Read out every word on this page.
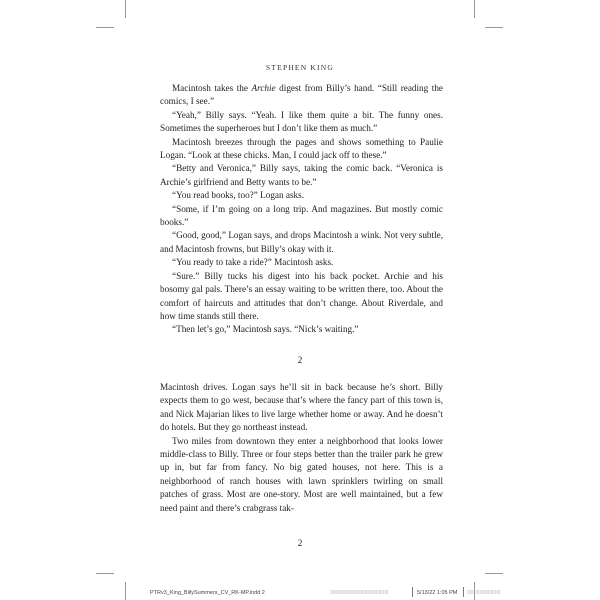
STEPHEN KING

Macintosh takes the Archie digest from Billy’s hand. “Still reading the comics, I see.”

“Yeah,” Billy says. “Yeah. I like them quite a bit. The funny ones. Sometimes the superheroes but I don’t like them as much.”

Macintosh breezes through the pages and shows something to Paulie Logan. “Look at these chicks. Man, I could jack off to these.”

“Betty and Veronica,” Billy says, taking the comic back. “Veronica is Archie’s girlfriend and Betty wants to be.”

“You read books, too?” Logan asks.

“Some, if I’m going on a long trip. And magazines. But mostly comic books.”

“Good, good,” Logan says, and drops Macintosh a wink. Not very subtle, and Macintosh frowns, but Billy’s okay with it.

“You ready to take a ride?” Macintosh asks.

“Sure.” Billy tucks his digest into his back pocket. Archie and his bosomy gal pals. There’s an essay waiting to be written there, too. About the comfort of haircuts and attitudes that don’t change. About Riverdale, and how time stands still there.

“Then let’s go,” Macintosh says. “Nick’s waiting.”

2

Macintosh drives. Logan says he’ll sit in back because he’s short. Billy expects them to go west, because that’s where the fancy part of this town is, and Nick Majarian likes to live large whether home or away. And he doesn’t do hotels. But they go northeast instead.

Two miles from downtown they enter a neighborhood that looks lower middle-class to Billy. Three or four steps better than the trailer park he grew up in, but far from fancy. No big gated houses, not here. This is a neighborhood of ranch houses with lawn sprinklers twirling on small patches of grass. Most are one-story. Most are well maintained, but a few need paint and there’s crabgrass tak-

2
PTRv3_King_BillySummers_CV_RK-MP.indd 2	000000000000000000000	5/13/22 1:05 PM 000000000000
